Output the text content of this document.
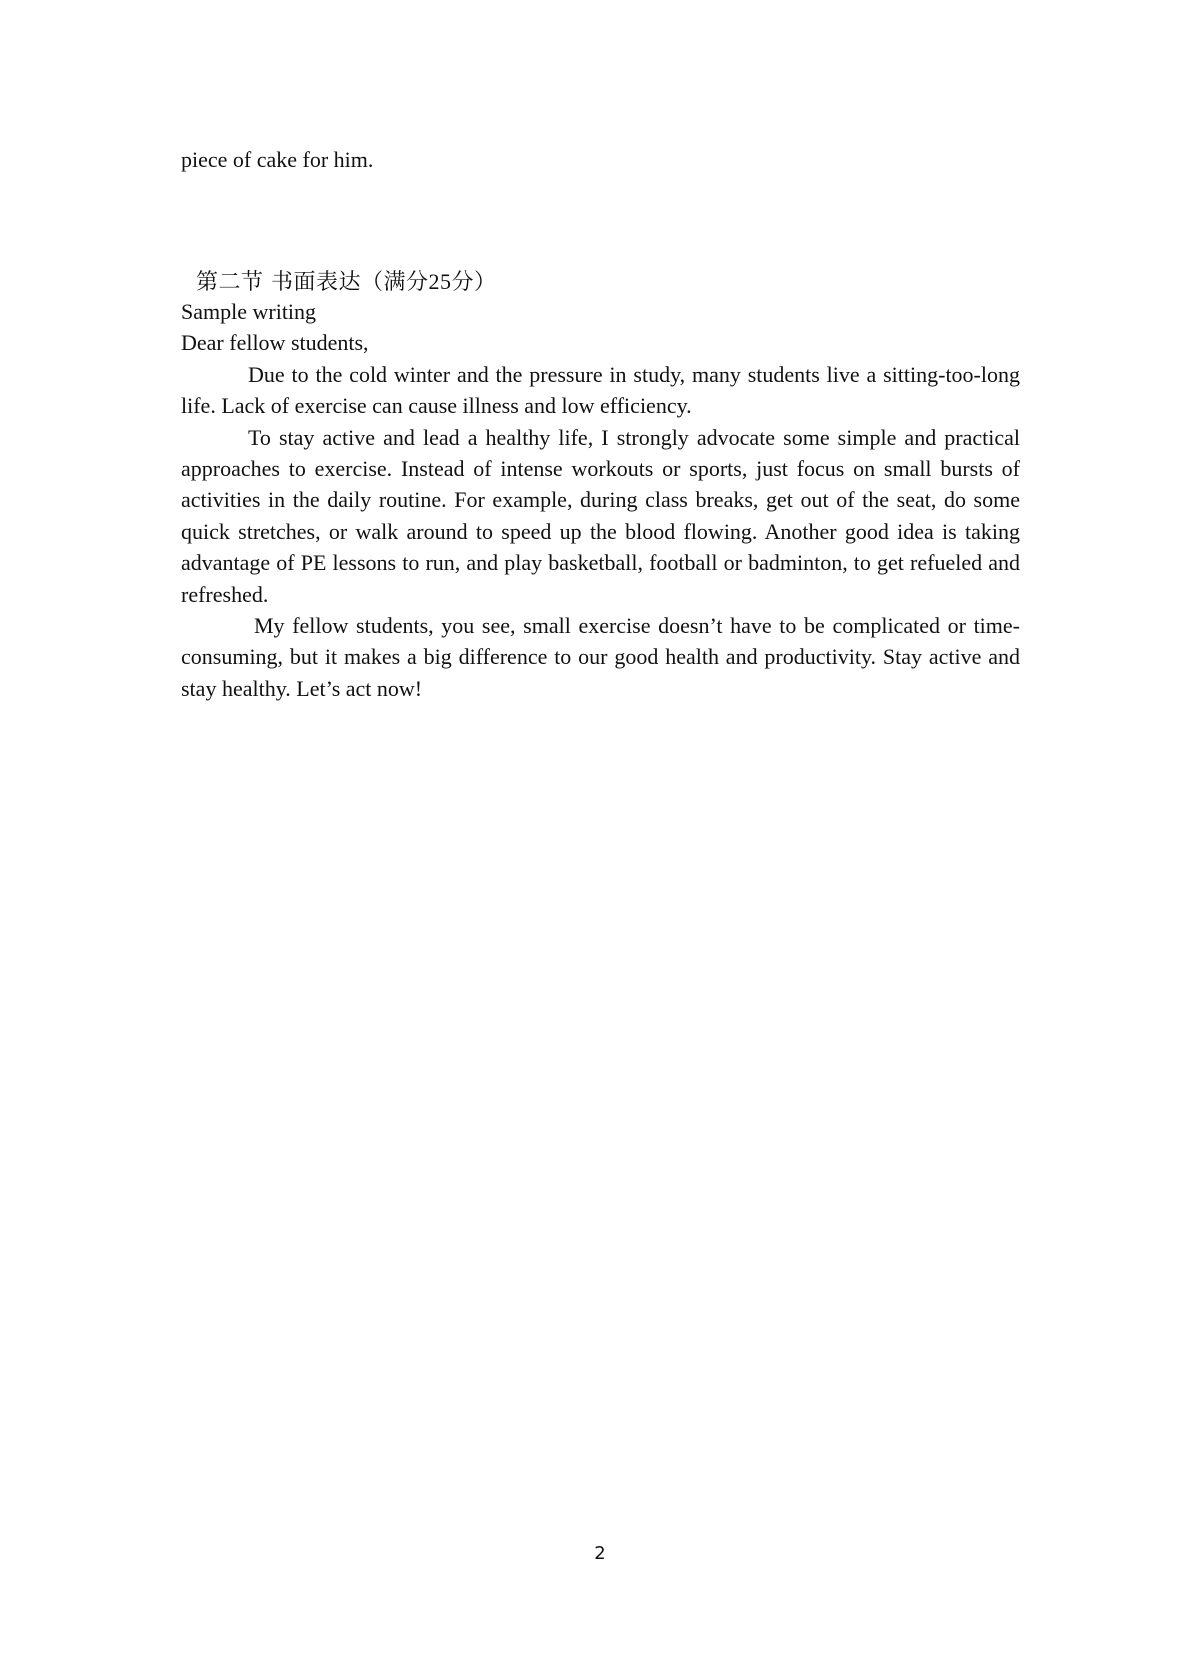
piece of cake for him.
第二节 书面表达（满分25分）

Sample writing

Dear fellow students,

Due to the cold winter and the pressure in study, many students live a sitting-too-long life. Lack of exercise can cause illness and low efficiency.

To stay active and lead a healthy life, I strongly advocate some simple and practical approaches to exercise. Instead of intense workouts or sports, just focus on small bursts of activities in the daily routine. For example, during class breaks, get out of the seat, do some quick stretches, or walk around to speed up the blood flowing. Another good idea is taking advantage of PE lessons to run, and play basketball, football or badminton, to get refueled and refreshed.

My fellow students, you see, small exercise doesn’t have to be complicated or time-consuming, but it makes a big difference to our good health and productivity. Stay active and stay healthy. Let’s act now!

2
